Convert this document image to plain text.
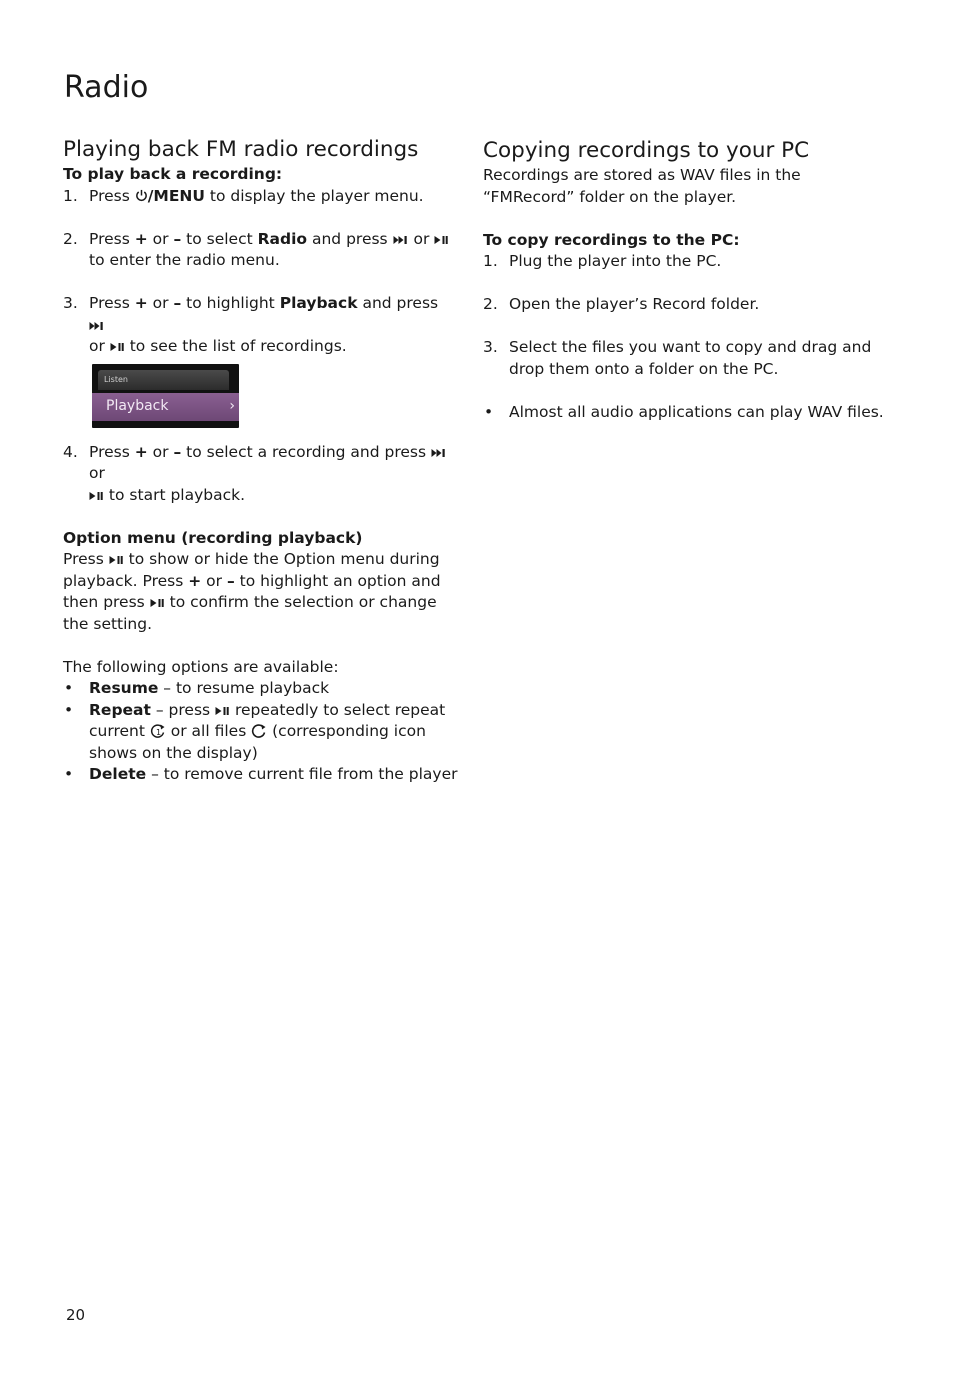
Radio
Playing back FM radio recordings

To play back a recording:

1. Press
/MENU to display the player menu.
2. Press + or – to select Radio and press
or
to enter the radio menu.
3. Press + or – to highlight Playback and press

or
to see the list of recordings.
Listen
Playback	›
4. Press + or – to select a recording and press
or

to start playback.

Option menu (recording playback)

Press
to show or hide the Option menu during playback. Press + or – to highlight an option and then press
to confirm the selection or change the setting.

The following options are available:

• Resume – to resume playback
• Repeat – press
repeatedly to select repeat current
or all files
(corresponding icon shows on the display)
• Delete – to remove current file from the player
Copying recordings to your PC

Recordings are stored as WAV files in the “FMRecord” folder on the player.

To copy recordings to the PC:

1. Plug the player into the PC.
2. Open the player’s Record folder.
3. Select the files you want to copy and drag and drop them onto a folder on the PC.
• Almost all audio applications can play WAV files.
20
